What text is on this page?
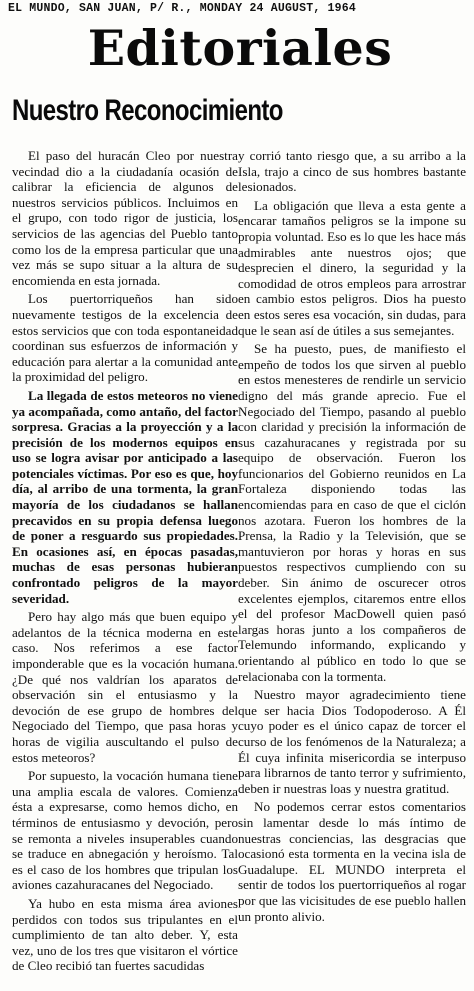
EL MUNDO, SAN JUAN, P/ R., MONDAY 24 AUGUST, 1964
Editoriales
Nuestro Reconocimiento

El paso del huracán Cleo por nuestra vecindad dio a la ciudadanía ocasión de calibrar la eficiencia de algunos de nuestros servicios públicos. Incluimos en el grupo, con todo rigor de justicia, los servicios de las agencias del Pueblo tanto como los de la empresa particular que una vez más se supo situar a la altura de su encomienda en esta jornada.

Los puertorriqueños han sido nuevamente testigos de la excelencia de estos servicios que con toda espontaneidad coordinan sus esfuerzos de información y educación para alertar a la comunidad ante la proximidad del peligro.

La llegada de estos meteoros no viene ya acompañada, como antaño, del factor sorpresa. Gracias a la proyección y a la precisión de los modernos equipos en uso se logra avisar por anticipado a las potenciales víctimas. Por eso es que, hoy día, al arribo de una tormenta, la gran mayoría de los ciudadanos se hallan precavidos en su propia defensa luego de poner a resguardo sus propiedades. En ocasiones así, en épocas pasadas, muchas de esas personas hubieran confrontado peligros de la mayor severidad.

Pero hay algo más que buen equipo y adelantos de la técnica moderna en este caso. Nos referimos a ese factor imponderable que es la vocación humana. ¿De qué nos valdrían los aparatos de observación sin el entusiasmo y la devoción de ese grupo de hombres del Negociado del Tiempo, que pasa horas y horas de vigilia auscultando el pulso de estos meteoros?

Por supuesto, la vocación humana tiene una amplia escala de valores. Comienza ésta a expresarse, como hemos dicho, en términos de entusiasmo y devoción, pero se remonta a niveles insuperables cuando se traduce en abnegación y heroísmo. Tal es el caso de los hombres que tripulan los aviones cazahuracanes del Negociado.

Ya hubo en esta misma área aviones perdidos con todos sus tripulantes en el cumplimiento de tan alto deber. Y, esta vez, uno de los tres que visitaron el vórtice de Cleo recibió tan fuertes sacudidas

y corrió tanto riesgo que, a su arribo a la Isla, trajo a cinco de sus hombres bastante lesionados.

La obligación que lleva a esta gente a encarar tamaños peligros se la impone su propia voluntad. Eso es lo que les hace más admirables ante nuestros ojos; que desprecien el dinero, la seguridad y la comodidad de otros empleos para arrostrar en cambio estos peligros. Dios ha puesto en estos seres esa vocación, sin dudas, para que le sean así de útiles a sus semejantes.

Se ha puesto, pues, de manifiesto el empeño de todos los que sirven al pueblo en estos menesteres de rendirle un servicio digno del más grande aprecio. Fue el Negociado del Tiempo, pasando al pueblo con claridad y precisión la información de sus cazahuracanes y registrada por su equipo de observación. Fueron los funcionarios del Gobierno reunidos en La Fortaleza disponiendo todas las encomiendas para en caso de que el ciclón nos azotara. Fueron los hombres de la Prensa, la Radio y la Televisión, que se mantuvieron por horas y horas en sus puestos respectivos cumpliendo con su deber. Sin ánimo de oscurecer otros excelentes ejemplos, citaremos entre ellos el del profesor MacDowell quien pasó largas horas junto a los compañeros de Telemundo informando, explicando y orientando al público en todo lo que se relacionaba con la tormenta.

Nuestro mayor agradecimiento tiene que ser hacia Dios Todopoderoso. A Él cuyo poder es el único capaz de torcer el curso de los fenómenos de la Naturaleza; a Él cuya infinita misericordia se interpuso para librarnos de tanto terror y sufrimiento, deben ir nuestras loas y nuestra gratitud.

No podemos cerrar estos comentarios sin lamentar desde lo más íntimo de nuestras conciencias, las desgracias que ocasionó esta tormenta en la vecina isla de Guadalupe. EL MUNDO interpreta el sentir de todos los puertorriqueños al rogar por que las vicisitudes de ese pueblo hallen un pronto alivio.
